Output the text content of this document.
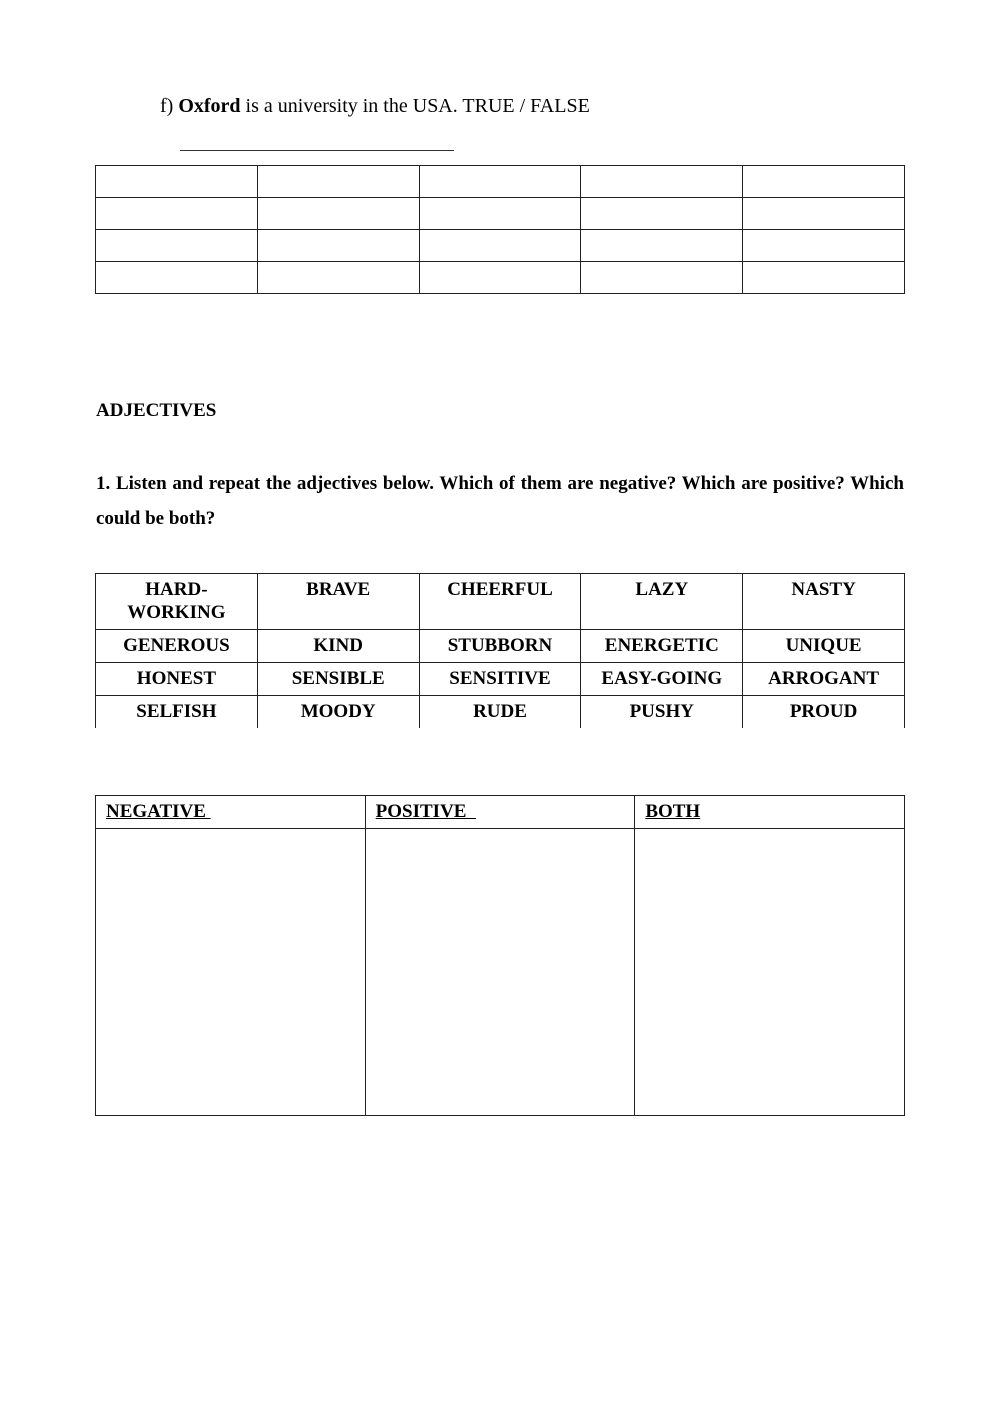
f) Oxford is a university in the USA. TRUE / FALSE

ADJECTIVES
1. Listen and repeat the adjectives below. Which of them are negative? Which are positive? Which could be both?
HARD-WORKING	BRAVE	CHEERFUL	LAZY	NASTY
GENEROUS	KIND	STUBBORN	ENERGETIC	UNIQUE
HONEST	SENSIBLE	SENSITIVE	EASY-GOING	ARROGANT
SELFISH	MOODY	RUDE	PUSHY	PROUD
NEGATIVE	POSITIVE	BOTH
